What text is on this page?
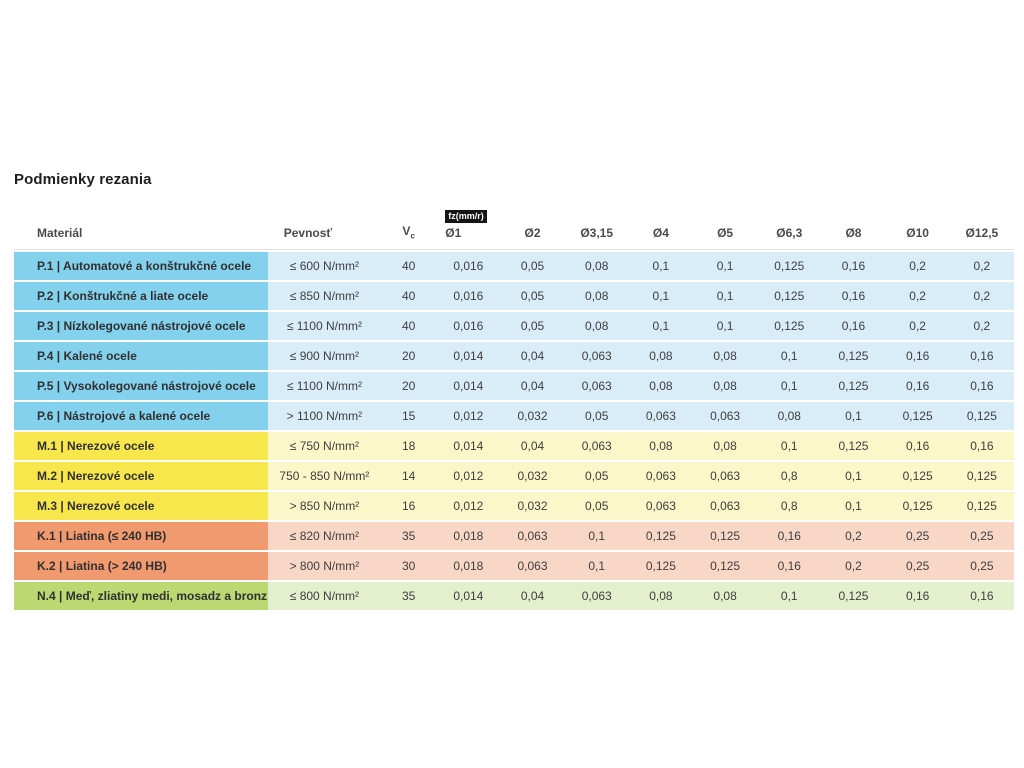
Podmienky rezania
Materiál	Pevnosť	$V_c$	fz(mm/r)
Ø1	Ø2	Ø3,15	Ø4	Ø5	Ø6,3	Ø8	Ø10	Ø12,5
P.1 | Automatové a konštrukčné ocele	≤ 600 N/mm²	40	0,016	0,05	0,08	0,1	0,1	0,125	0,16	0,2	0,2
P.2 | Konštrukčné a liate ocele	≤ 850 N/mm²	40	0,016	0,05	0,08	0,1	0,1	0,125	0,16	0,2	0,2
P.3 | Nízkolegované nástrojové ocele	≤ 1100 N/mm²	40	0,016	0,05	0,08	0,1	0,1	0,125	0,16	0,2	0,2
P.4 | Kalené ocele	≤ 900 N/mm²	20	0,014	0,04	0,063	0,08	0,08	0,1	0,125	0,16	0,16
P.5 | Vysokolegované nástrojové ocele	≤ 1100 N/mm²	20	0,014	0,04	0,063	0,08	0,08	0,1	0,125	0,16	0,16
P.6 | Nástrojové a kalené ocele	> 1100 N/mm²	15	0,012	0,032	0,05	0,063	0,063	0,08	0,1	0,125	0,125
M.1 | Nerezové ocele	≤ 750 N/mm²	18	0,014	0,04	0,063	0,08	0,08	0,1	0,125	0,16	0,16
M.2 | Nerezové ocele	750 - 850 N/mm²	14	0,012	0,032	0,05	0,063	0,063	0,8	0,1	0,125	0,125
M.3 | Nerezové ocele	> 850 N/mm²	16	0,012	0,032	0,05	0,063	0,063	0,8	0,1	0,125	0,125
K.1 | Liatina (≤ 240 HB)	≤ 820 N/mm²	35	0,018	0,063	0,1	0,125	0,125	0,16	0,2	0,25	0,25
K.2 | Liatina (> 240 HB)	> 800 N/mm²	30	0,018	0,063	0,1	0,125	0,125	0,16	0,2	0,25	0,25
N.4 | Meď, zliatiny medi, mosadz a bronz	≤ 800 N/mm²	35	0,014	0,04	0,063	0,08	0,08	0,1	0,125	0,16	0,16
